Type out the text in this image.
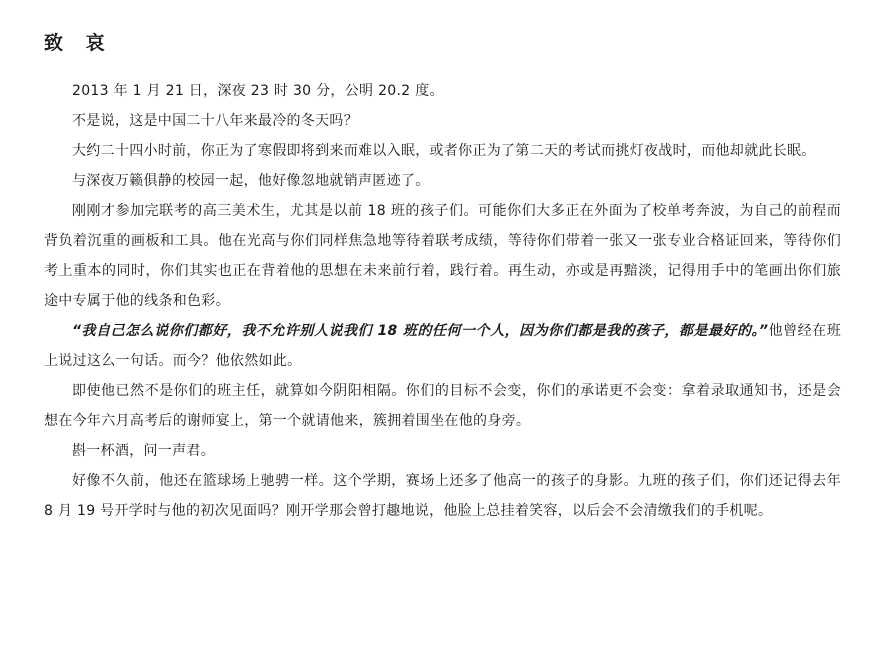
致 哀

2013 年 1 月 21 日，深夜 23 时 30 分，公明 20.2 度。

不是说，这是中国二十八年来最冷的冬天吗？

大约二十四小时前，你正为了寒假即将到来而难以入眠，或者你正为了第二天的考试而挑灯夜战时，而他却就此长眠。

与深夜万籁俱静的校园一起，他好像忽地就销声匿迹了。

刚刚才参加完联考的高三美术生，尤其是以前 18 班的孩子们。可能你们大多正在外面为了校单考奔波，为自己的前程而背负着沉重的画板和工具。他在光高与你们同样焦急地等待着联考成绩，等待你们带着一张又一张专业合格证回来，等待你们考上重本的同时，你们其实也正在背着他的思想在未来前行着，践行着。再生动，亦或是再黯淡，记得用手中的笔画出你们旅途中专属于他的线条和色彩。

“我自己怎么说你们都好，我不允许别人说我们 18 班的任何一个人，因为你们都是我的孩子，都是最好的。”他曾经在班上说过这么一句话。而今？他依然如此。

即使他已然不是你们的班主任，就算如今阴阳相隔。你们的目标不会变，你们的承诺更不会变：拿着录取通知书，还是会想在今年六月高考后的谢师宴上，第一个就请他来，簇拥着围坐在他的身旁。

斟一杯酒，问一声君。

好像不久前，他还在篮球场上驰骋一样。这个学期，赛场上还多了他高一的孩子的身影。九班的孩子们，你们还记得去年 8 月 19 号开学时与他的初次见面吗？刚开学那会曾打趣地说，他脸上总挂着笑容，以后会不会清缴我们的手机呢。
